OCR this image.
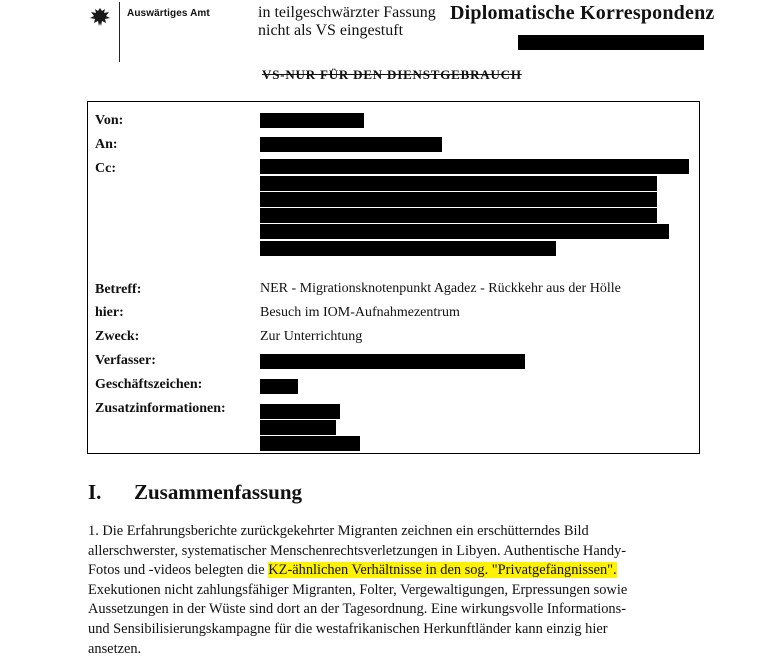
Auswärtiges Amt	in teilgeschwärzter Fassung
nicht als VS eingestuft
Diplomatische Korrespondenz
VS-NUR FÜR DEN DIENSTGEBRAUCH
Von:
An:
Cc:
Betreff:	NER - Migrationsknotenpunkt Agadez - Rückkehr aus der Hölle
hier:	Besuch im IOM-Aufnahmezentrum
Zweck:	Zur Unterrichtung
Verfasser:
Geschäftszeichen:
Zusatzinformationen:
I. Zusammenfassung

1. Die Erfahrungsberichte zurückgekehrter Migranten zeichnen ein erschütterndes Bild

allerschwerster, systematischer Menschenrechtsverletzungen in Libyen. Authentische Handy-

Fotos und -videos belegten die KZ-ähnlichen Verhältnisse in den sog. "Privatgefängnissen".

Exekutionen nicht zahlungsfähiger Migranten, Folter, Vergewaltigungen, Erpressungen sowie

Aussetzungen in der Wüste sind dort an der Tagesordnung. Eine wirkungsvolle Informations-

und Sensibilisierungskampagne für die westafrikanischen Herkunftländer kann einzig hier

ansetzen.
